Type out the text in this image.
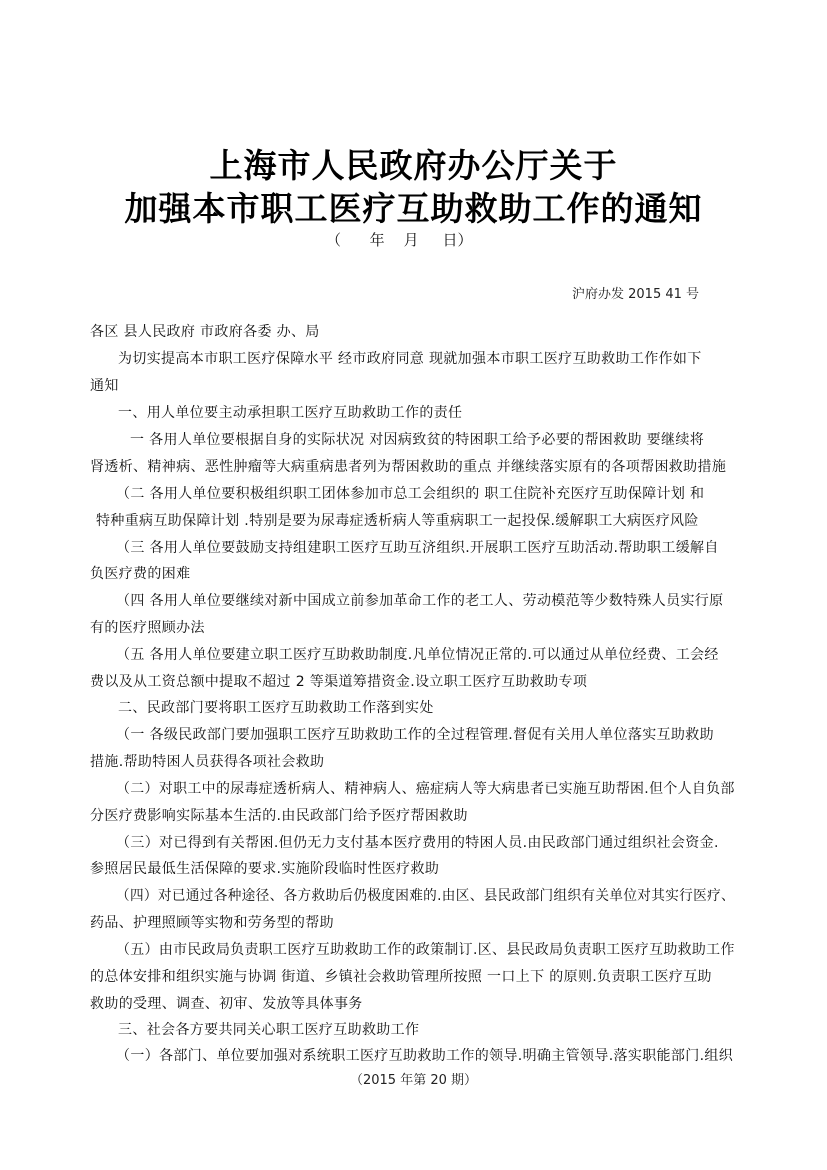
上海市人民政府办公厅关于
加强本市职工医疗互助救助工作的通知
（      年    月     日）
沪府办发 2015 41 号
各区 县人民政府 市政府各委 办、局
为切实提高本市职工医疗保障水平 经市政府同意 现就加强本市职工医疗互助救助工作作如下
通知
一、用人单位要主动承担职工医疗互助救助工作的责任
一 各用人单位要根据自身的实际状况 对因病致贫的特困职工给予必要的帮困救助 要继续将
肾透析、精神病、恶性肿瘤等大病重病患者列为帮困救助的重点 并继续落实原有的各项帮困救助措施
（二 各用人单位要积极组织职工团体参加市总工会组织的 职工住院补充医疗互助保障计划 和
特种重病互助保障计划 .特别是要为尿毒症透析病人等重病职工一起投保.缓解职工大病医疗风险
（三 各用人单位要鼓励支持组建职工医疗互助互济组织.开展职工医疗互助活动.帮助职工缓解自
负医疗费的困难
（四 各用人单位要继续对新中国成立前参加革命工作的老工人、劳动模范等少数特殊人员实行原
有的医疗照顾办法
（五 各用人单位要建立职工医疗互助救助制度.凡单位情况正常的.可以通过从单位经费、工会经
费以及从工资总额中提取不超过 2 等渠道筹措资金.设立职工医疗互助救助专项
二、民政部门要将职工医疗互助救助工作落到实处
（一 各级民政部门要加强职工医疗互助救助工作的全过程管理.督促有关用人单位落实互助救助
措施.帮助特困人员获得各项社会救助
（二）对职工中的尿毒症透析病人、精神病人、癌症病人等大病患者已实施互助帮困.但个人自负部
分医疗费影响实际基本生活的.由民政部门给予医疗帮困救助
（三）对已得到有关帮困.但仍无力支付基本医疗费用的特困人员.由民政部门通过组织社会资金.
参照居民最低生活保障的要求.实施阶段临时性医疗救助
（四）对已通过各种途径、各方救助后仍极度困难的.由区、县民政部门组织有关单位对其实行医疗、
药品、护理照顾等实物和劳务型的帮助
（五）由市民政局负责职工医疗互助救助工作的政策制订.区、县民政局负责职工医疗互助救助工作
的总体安排和组织实施与协调 街道、乡镇社会救助管理所按照 一口上下 的原则.负责职工医疗互助
救助的受理、调查、初审、发放等具体事务
三、社会各方要共同关心职工医疗互助救助工作
（一）各部门、单位要加强对系统职工医疗互助救助工作的领导.明确主管领导.落实职能部门.组织
（2015 年第 20 期）
